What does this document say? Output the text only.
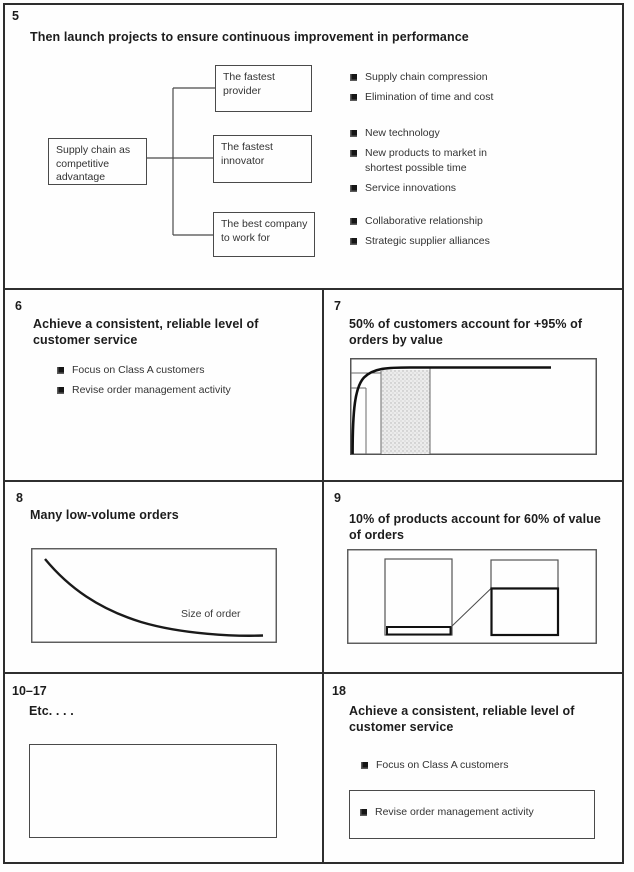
5
Then launch projects to ensure continuous improvement in performance
Supply chain as competitive advantage
The fastest provider
The fastest innovator
The best company to work for
Supply chain compression
Elimination of time and cost
New technology
New products to market in shortest possible time
Service innovations
Collaborative relationship
Strategic supplier alliances
6
Achieve a consistent, reliable level of customer service
Focus on Class A customers
Revise order management activity
7
50% of customers account for +95% of orders by value
8
Many low-volume orders
Size of order
9
10% of products account for 60% of value of orders
10–17
Etc. . . .
18
Achieve a consistent, reliable level of customer service
Focus on Class A customers
Revise order management activity
